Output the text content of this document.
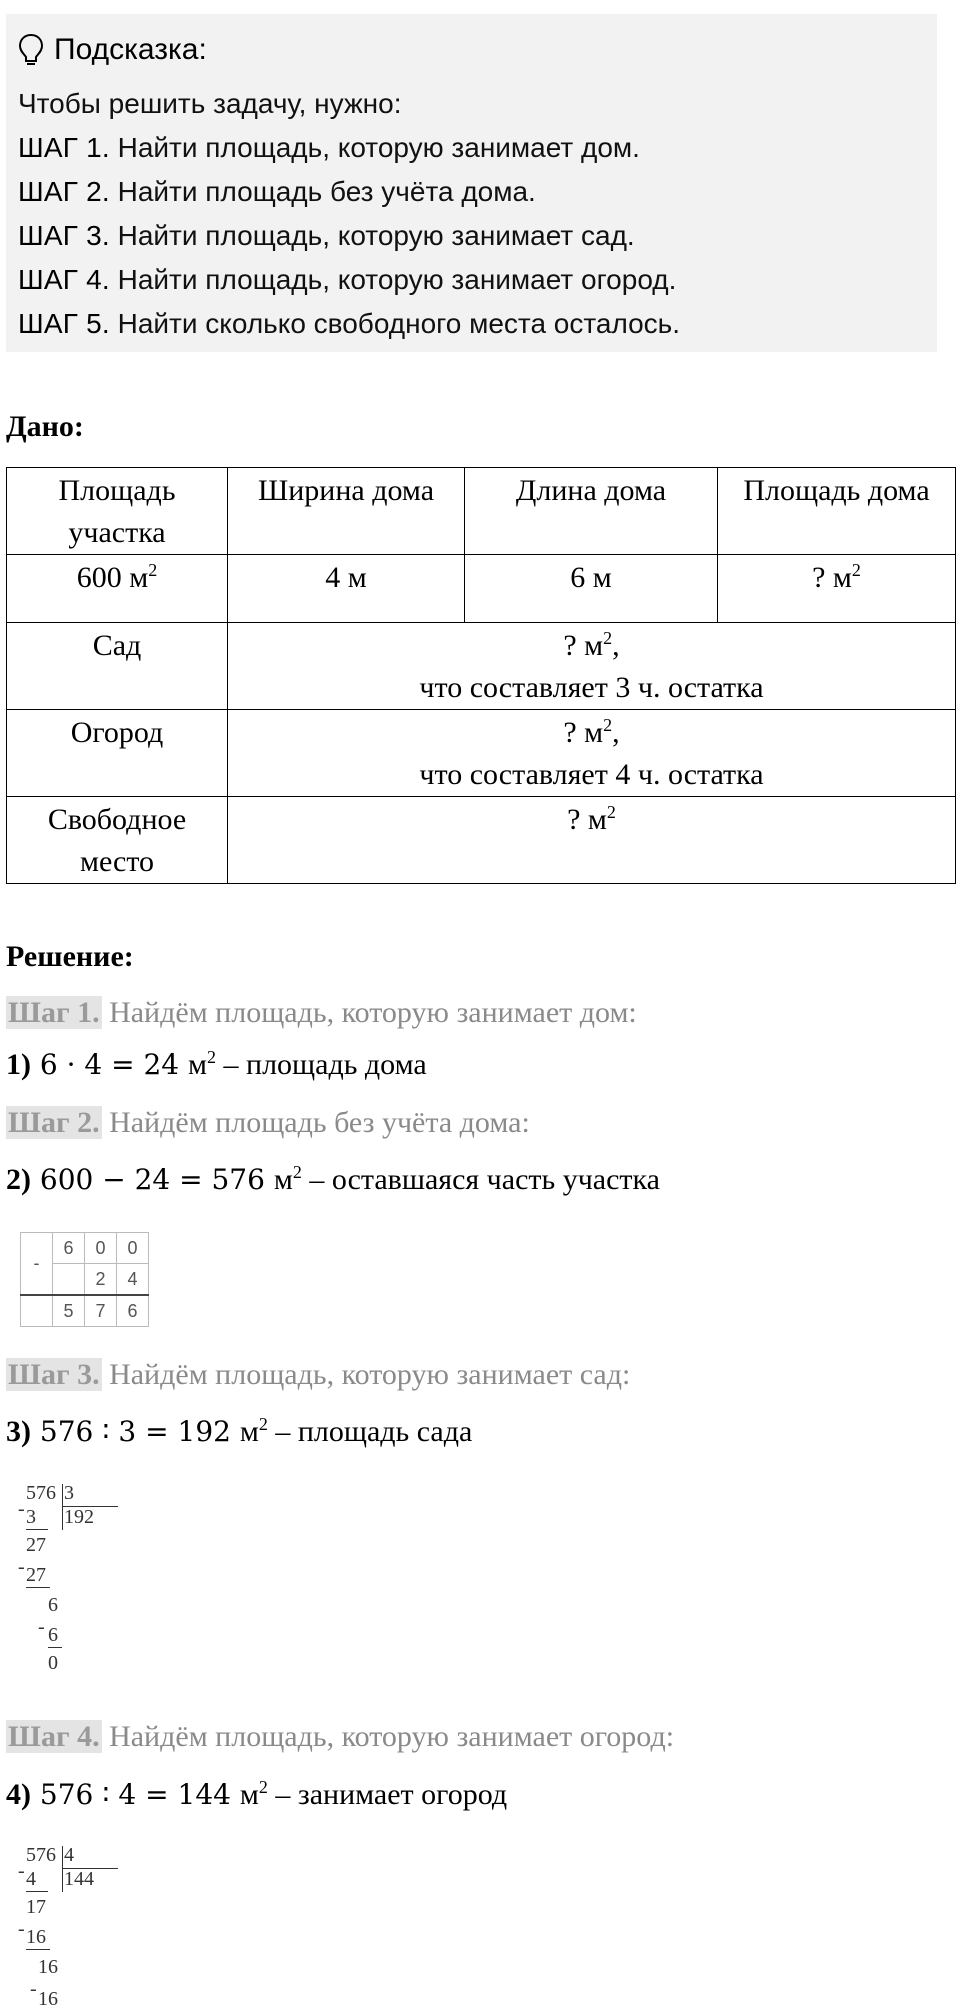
Подсказка:
Чтобы решить задачу, нужно:
ШАГ 1. Найти площадь, которую занимает дом.
ШАГ 2. Найти площадь без учёта дома.
ШАГ 3. Найти площадь, которую занимает сад.
ШАГ 4. Найти площадь, которую занимает огород.
ШАГ 5. Найти сколько свободного места осталось.
Дано:
Площадь участка	Ширина дома	Длина дома	Площадь дома
600 $м^2$	4 м	6 м	? $м^2$
Сад	? $м^2$,
что составляет 3 ч. остатка		
Огород	? $м^2$,
что составляет 4 ч. остатка		
Свободное
место	? $м^2$
Решение:
Шаг 1. Найдём площадь, которую занимает дом:
1) 6 · 4 = 24 $м^2$ – площадь дома
Шаг 2. Найдём площадь без учёта дома:
2) 600 − 24 = 576 $м^2$ – оставшаяся часть участка
-	6	0	0
		2	4
	5	7	6
Шаг 3. Найдём площадь, которую занимает сад:
3) 576 ∶ 3 = 192 $м^2$ – площадь сада
576 3
192
- 3
27
- 27
6
- 6
0
Шаг 4. Найдём площадь, которую занимает огород:
4) 576 ∶ 4 = 144 $м^2$ – занимает огород
576 4
144
- 4
17
- 16
16
- 16
